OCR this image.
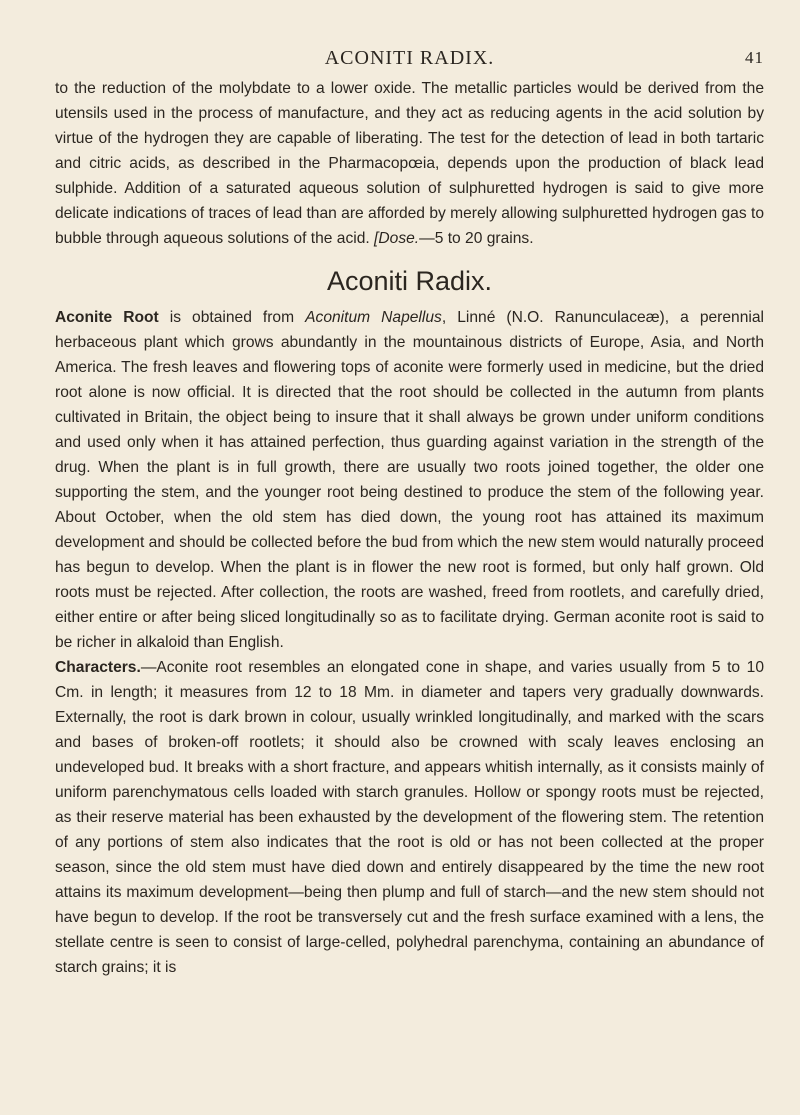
ACONITI RADIX.	41

to the reduction of the molybdate to a lower oxide. The metallic particles would be derived from the utensils used in the process of manufacture, and they act as reducing agents in the acid solution by virtue of the hydrogen they are capable of liberating. The test for the detection of lead in both tartaric and citric acids, as described in the Pharmacopœia, depends upon the production of black lead sulphide. Addition of a saturated aqueous solution of sulphuretted hydrogen is said to give more delicate indications of traces of lead than are afforded by merely allowing sulphuretted hydrogen gas to bubble through aqueous solutions of the acid. [Dose.—5 to 20 grains.

Aconiti Radix.

Aconite Root is obtained from Aconitum Napellus, Linné (N.O. Ranunculaceæ), a perennial herbaceous plant which grows abundantly in the mountainous districts of Europe, Asia, and North America. The fresh leaves and flowering tops of aconite were formerly used in medicine, but the dried root alone is now official. It is directed that the root should be collected in the autumn from plants cultivated in Britain, the object being to insure that it shall always be grown under uniform conditions and used only when it has attained perfection, thus guarding against variation in the strength of the drug. When the plant is in full growth, there are usually two roots joined together, the older one supporting the stem, and the younger root being destined to produce the stem of the following year. About October, when the old stem has died down, the young root has attained its maximum development and should be collected before the bud from which the new stem would naturally proceed has begun to develop. When the plant is in flower the new root is formed, but only half grown. Old roots must be rejected. After collection, the roots are washed, freed from rootlets, and carefully dried, either entire or after being sliced longitudinally so as to facilitate drying. German aconite root is said to be richer in alkaloid than English.

Characters.—Aconite root resembles an elongated cone in shape, and varies usually from 5 to 10 Cm. in length; it measures from 12 to 18 Mm. in diameter and tapers very gradually downwards. Externally, the root is dark brown in colour, usually wrinkled longitudinally, and marked with the scars and bases of broken-off rootlets; it should also be crowned with scaly leaves enclosing an undeveloped bud. It breaks with a short fracture, and appears whitish internally, as it consists mainly of uniform parenchymatous cells loaded with starch granules. Hollow or spongy roots must be rejected, as their reserve material has been exhausted by the development of the flowering stem. The retention of any portions of stem also indicates that the root is old or has not been collected at the proper season, since the old stem must have died down and entirely disappeared by the time the new root attains its maximum development—being then plump and full of starch—and the new stem should not have begun to develop. If the root be transversely cut and the fresh surface examined with a lens, the stellate centre is seen to consist of large-celled, polyhedral parenchyma, containing an abundance of starch grains; it is
